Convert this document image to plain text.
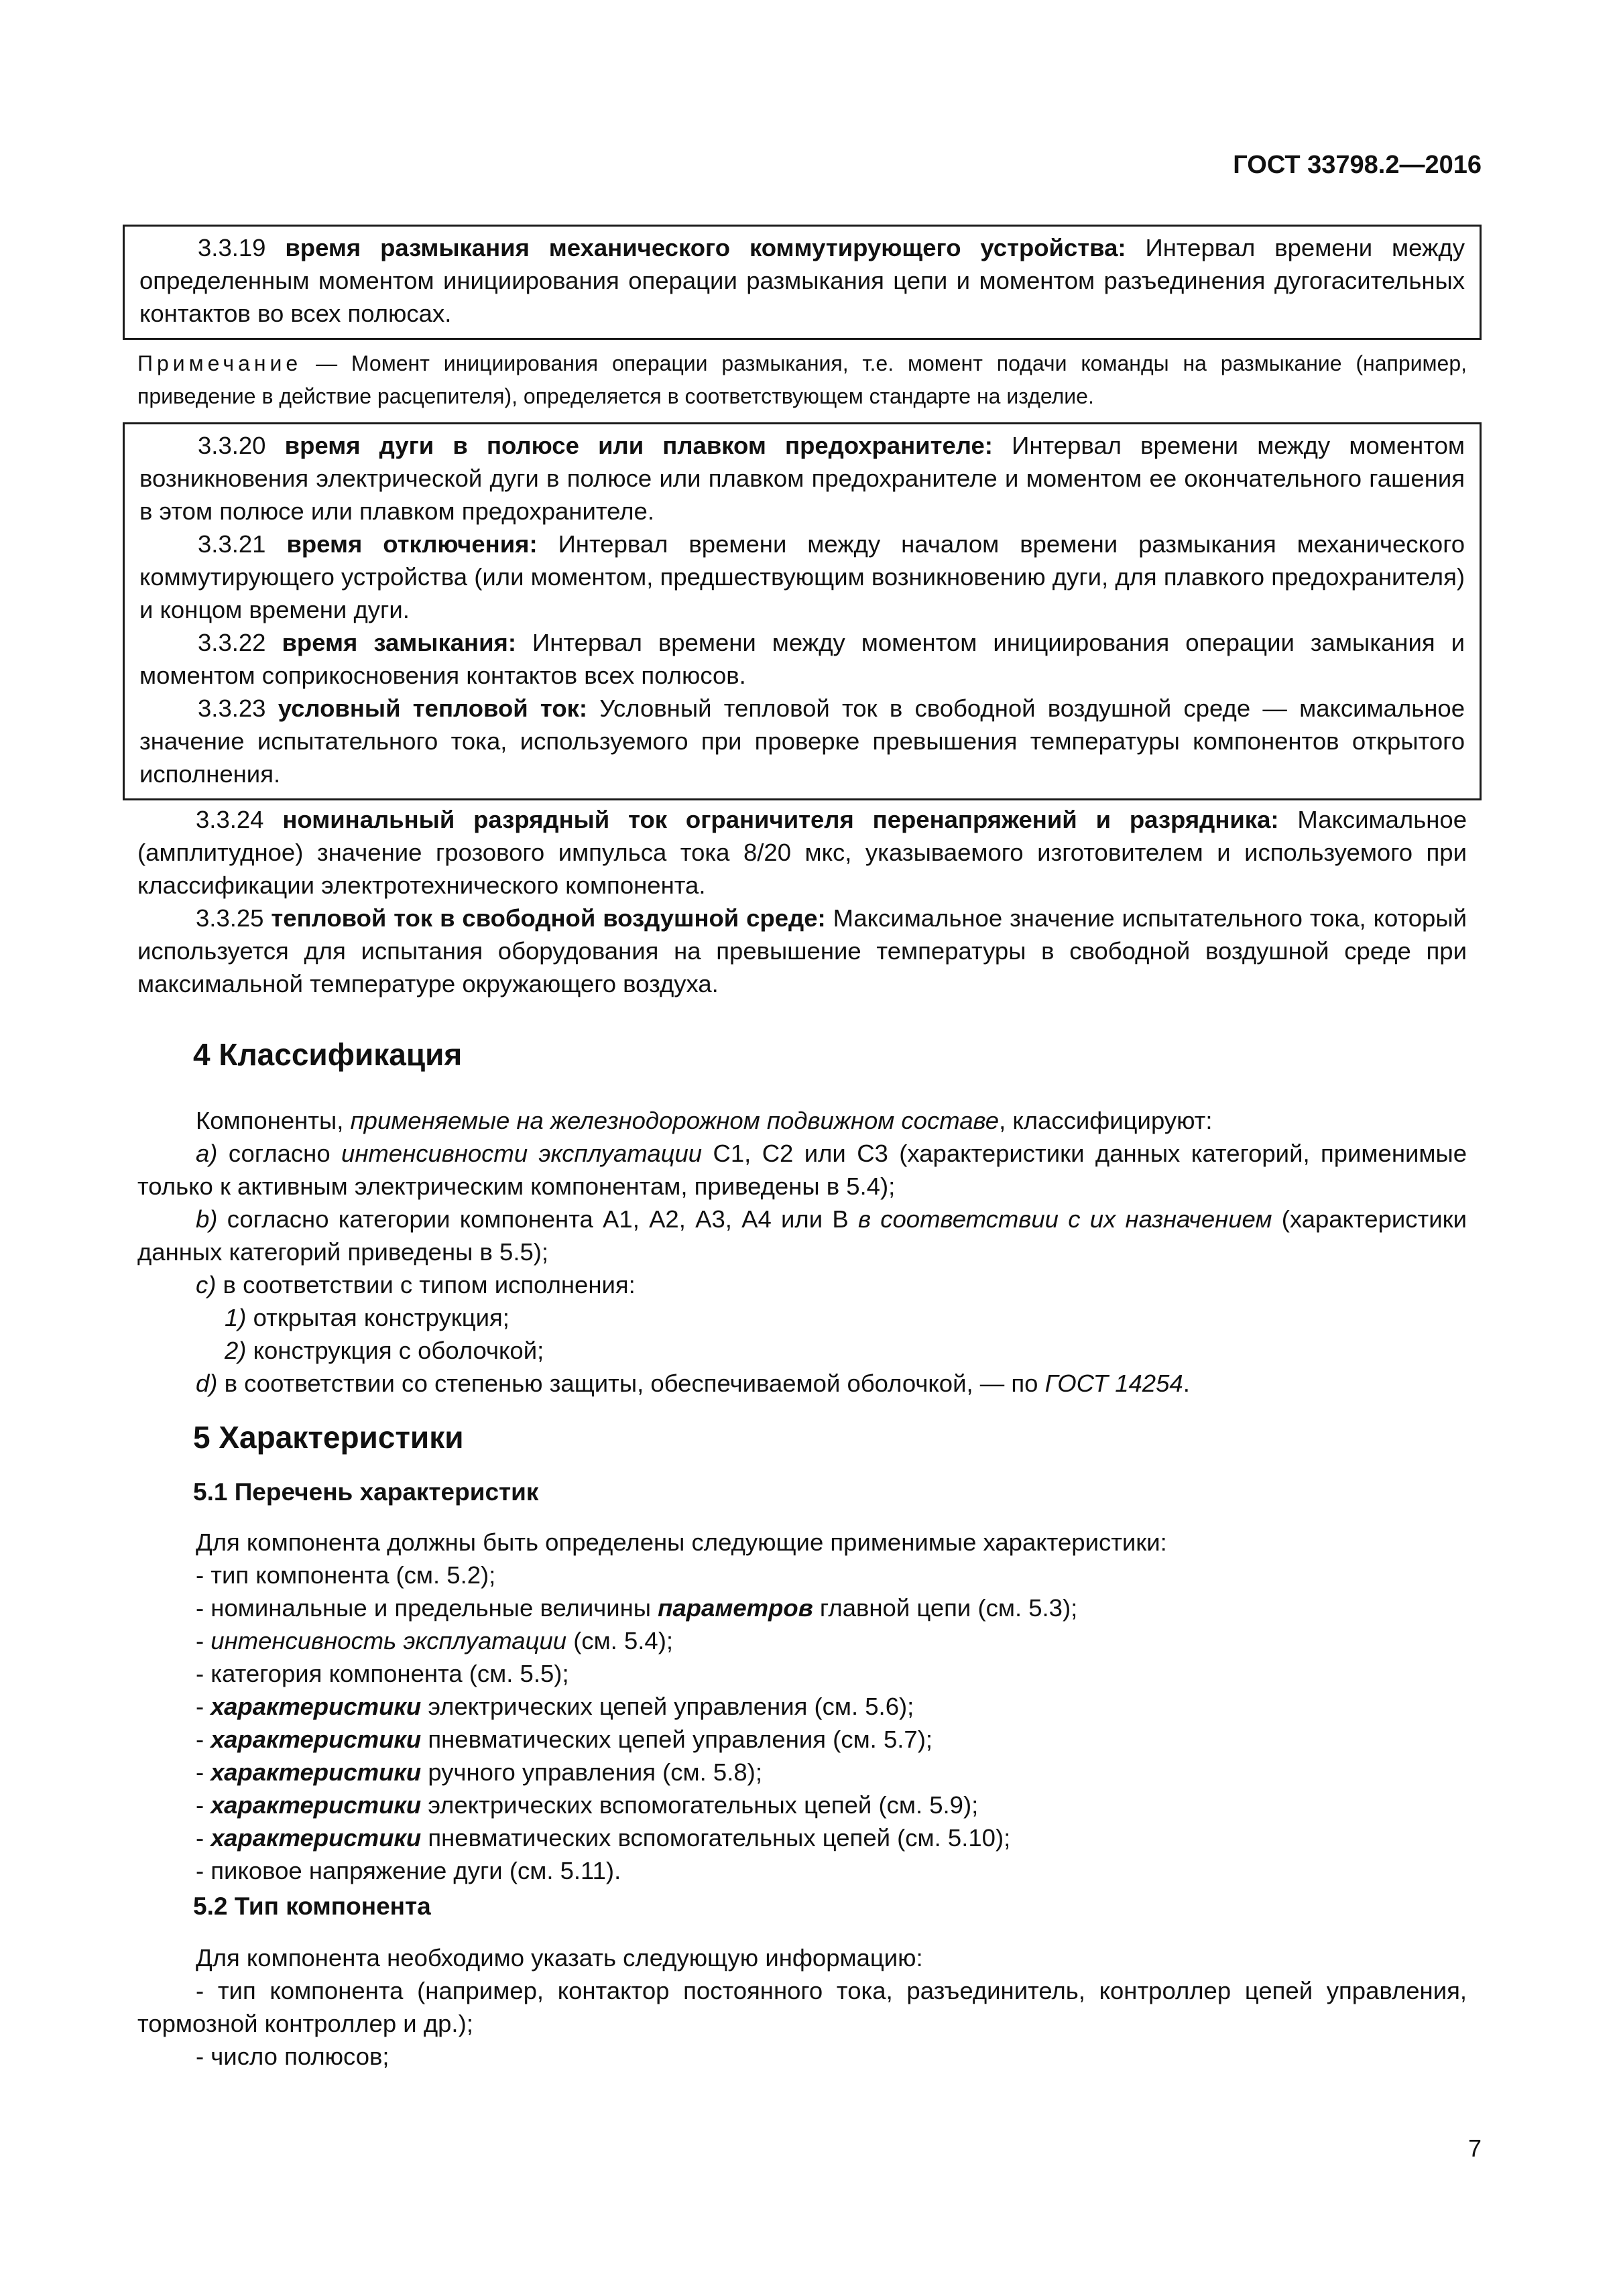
ГОСТ 33798.2—2016

3.3.19 время размыкания механического коммутирующего устройства: Интервал времени между определенным моментом инициирования операции размыкания цепи и моментом разъединения дугогасительных контактов во всех полюсах.

Примечание — Момент инициирования операции размыкания, т.е. момент подачи команды на размыкание (например, приведение в действие расцепителя), определяется в соответствующем стандарте на изделие.

3.3.20 время дуги в полюсе или плавком предохранителе: Интервал времени между моментом возникновения электрической дуги в полюсе или плавком предохранителе и моментом ее окончательного гашения в этом полюсе или плавком предохранителе.

3.3.21 время отключения: Интервал времени между началом времени размыкания механического коммутирующего устройства (или моментом, предшествующим возникновению дуги, для плавкого предохранителя) и концом времени дуги.

3.3.22 время замыкания: Интервал времени между моментом инициирования операции замыкания и моментом соприкосновения контактов всех полюсов.

3.3.23 условный тепловой ток: Условный тепловой ток в свободной воздушной среде — максимальное значение испытательного тока, используемого при проверке превышения температуры компонентов открытого исполнения.

3.3.24 номинальный разрядный ток ограничителя перенапряжений и разрядника: Максимальное (амплитудное) значение грозового импульса тока 8/20 мкс, указываемого изготовителем и используемого при классификации электротехнического компонента.

3.3.25 тепловой ток в свободной воздушной среде: Максимальное значение испытательного тока, который используется для испытания оборудования на превышение температуры в свободной воздушной среде при максимальной температуре окружающего воздуха.

4 Классификация

Компоненты, применяемые на железнодорожном подвижном составе, классифицируют:

a) согласно интенсивности эксплуатации С1, С2 или С3 (характеристики данных категорий, применимые только к активным электрическим компонентам, приведены в 5.4);

b) согласно категории компонента А1, А2, А3, А4 или В в соответствии с их назначением (характеристики данных категорий приведены в 5.5);

c) в соответствии с типом исполнения:

1) открытая конструкция;

2) конструкция с оболочкой;

d) в соответствии со степенью защиты, обеспечиваемой оболочкой, — по ГОСТ 14254.

5 Характеристики
5.1 Перечень характеристик

Для компонента должны быть определены следующие применимые характеристики:

- тип компонента (см. 5.2);

- номинальные и предельные величины параметров главной цепи (см. 5.3);

- интенсивность эксплуатации (см. 5.4);

- категория компонента (см. 5.5);

- характеристики электрических цепей управления (см. 5.6);

- характеристики пневматических цепей управления (см. 5.7);

- характеристики ручного управления (см. 5.8);

- характеристики электрических вспомогательных цепей (см. 5.9);

- характеристики пневматических вспомогательных цепей (см. 5.10);

- пиковое напряжение дуги (см. 5.11).

5.2 Тип компонента

Для компонента необходимо указать следующую информацию:

- тип компонента (например, контактор постоянного тока, разъединитель, контроллер цепей управления, тормозной контроллер и др.);

- число полюсов;

7
